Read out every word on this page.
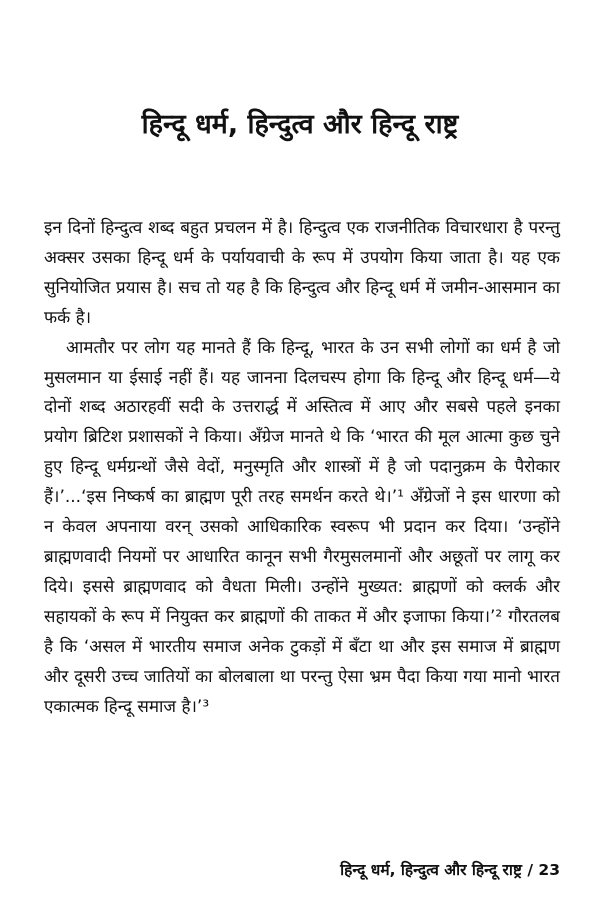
हिन्दू धर्म, हिन्दुत्व और हिन्दू राष्ट्र

इन दिनों हिन्दुत्व शब्द बहुत प्रचलन में है। हिन्दुत्व एक राजनीतिक विचारधारा है परन्तु अक्सर उसका हिन्दू धर्म के पर्यायवाची के रूप में उपयोग किया जाता है। यह एक सुनियोजित प्रयास है। सच तो यह है कि हिन्दुत्व और हिन्दू धर्म में जमीन-आसमान का फर्क है।

आमतौर पर लोग यह मानते हैं कि हिन्दू, भारत के उन सभी लोगों का धर्म है जो मुसलमान या ईसाई नहीं हैं। यह जानना दिलचस्प होगा कि हिन्दू और हिन्दू धर्म—ये दोनों शब्द अठारहवीं सदी के उत्तरार्द्ध में अस्तित्व में आए और सबसे पहले इनका प्रयोग ब्रिटिश प्रशासकों ने किया। अँग्रेज मानते थे कि ‘भारत की मूल आत्मा कुछ चुने हुए हिन्दू धर्मग्रन्थों जैसे वेदों, मनुस्मृति और शास्त्रों में है जो पदानुक्रम के पैरोकार हैं।’...‘इस निष्कर्ष का ब्राह्मण पूरी तरह समर्थन करते थे।’¹ अँग्रेजों ने इस धारणा को न केवल अपनाया वरन् उसको आधिकारिक स्वरूप भी प्रदान कर दिया। ‘उन्होंने ब्राह्मणवादी नियमों पर आधारित कानून सभी गैरमुसलमानों और अछूतों पर लागू कर दिये। इससे ब्राह्मणवाद को वैधता मिली। उन्होंने मुख्यत: ब्राह्मणों को क्लर्क और सहायकों के रूप में नियुक्त कर ब्राह्मणों की ताकत में और इजाफा किया।’² गौरतलब है कि ‘असल में भारतीय समाज अनेक टुकड़ों में बँटा था और इस समाज में ब्राह्मण और दूसरी उच्च जातियों का बोलबाला था परन्तु ऐसा भ्रम पैदा किया गया मानो भारत एकात्मक हिन्दू समाज है।’³

हिन्दू धर्म, हिन्दुत्व और हिन्दू राष्ट्र / 23
